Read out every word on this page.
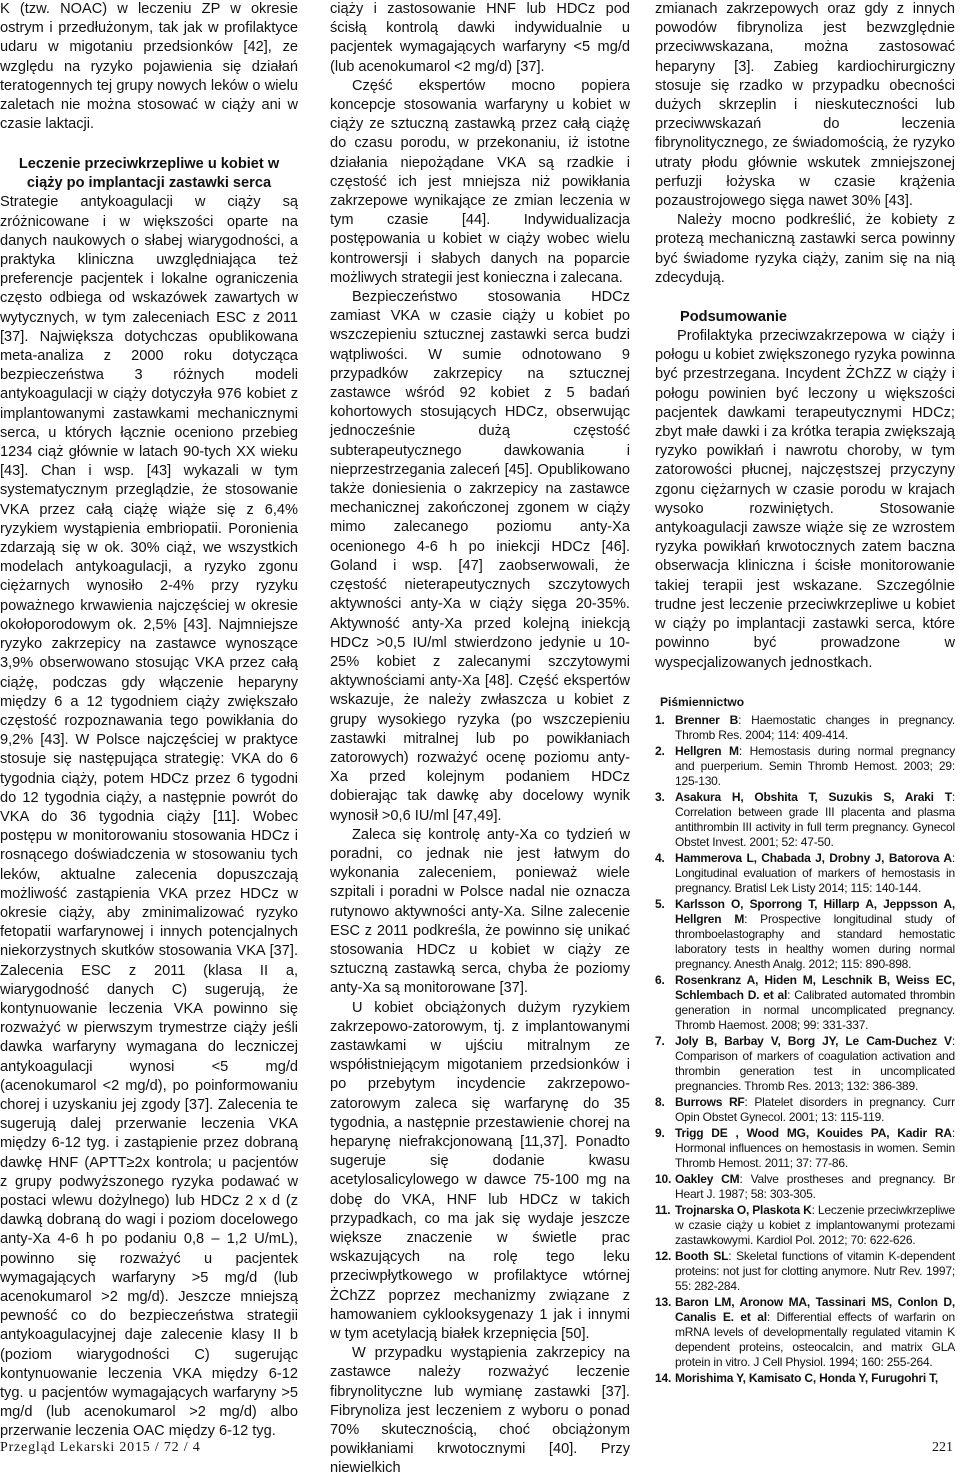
K (tzw. NOAC) w leczeniu ZP w okresie ostrym i przedłużonym, tak jak w profilaktyce udaru w migotaniu przedsionków [42], ze względu na ryzyko pojawienia się działań teratogennych tej grupy nowych leków o wielu zaletach nie można stosować w ciąży ani w czasie laktacji.

Leczenie przeciwkrzepliwe u kobiet w ciąży po implantacji zastawki serca

Strategie antykoagulacji w ciąży są zróżnicowane i w większości oparte na danych naukowych o słabej wiarygodności, a praktyka kliniczna uwzględniająca też preferencje pacjentek i lokalne ograniczenia często odbiega od wskazówek zawartych w wytycznych, w tym zaleceniach ESC z 2011 [37]. Największa dotychczas opublikowana meta-analiza z 2000 roku dotycząca bezpieczeństwa 3 różnych modeli antykoagulacji w ciąży dotyczyła 976 kobiet z implantowanymi zastawkami mechanicznymi serca, u których łącznie oceniono przebieg 1234 ciąż głównie w latach 90-tych XX wieku [43]. Chan i wsp. [43] wykazali w tym systematycznym przeglądzie, że stosowanie VKA przez całą ciążę wiąże się z 6,4% ryzykiem wystąpienia embriopatii. Poronienia zdarzają się w ok. 30% ciąż, we wszystkich modelach antykoagulacji, a ryzyko zgonu ciężarnych wynosiło 2-4% przy ryzyku poważnego krwawienia najczęściej w okresie okołoporodowym ok. 2,5% [43]. Najmniejsze ryzyko zakrzepicy na zastawce wynoszące 3,9% obserwowano stosując VKA przez całą ciążę, podczas gdy włączenie heparyny między 6 a 12 tygodniem ciąży zwiększało częstość rozpoznawania tego powikłania do 9,2% [43]. W Polsce najczęściej w praktyce stosuje się następująca strategię: VKA do 6 tygodnia ciąży, potem HDCz przez 6 tygodni do 12 tygodnia ciąży, a następnie powrót do VKA do 36 tygodnia ciąży [11]. Wobec postępu w monitorowaniu stosowania HDCz i rosnącego doświadczenia w stosowaniu tych leków, aktualne zalecenia dopuszczają możliwość zastąpienia VKA przez HDCz w okresie ciąży, aby zminimalizować ryzyko fetopatii warfarynowej i innych potencjalnych niekorzystnych skutków stosowania VKA [37]. Zalecenia ESC z 2011 (klasa II a, wiarygodność danych C) sugerują, że kontynuowanie leczenia VKA powinno się rozważyć w pierwszym trymestrze ciąży jeśli dawka warfaryny wymagana do leczniczej antykoagulacji wynosi <5 mg/d (acenokumarol <2 mg/d), po poinformowaniu chorej i uzyskaniu jej zgody [37]. Zalecenia te sugerują dalej przerwanie leczenia VKA między 6-12 tyg. i zastąpienie przez dobraną dawkę HNF (APTT≥2x kontrola; u pacjentów z grupy podwyższonego ryzyka podawać w postaci wlewu dożylnego) lub HDCz 2 x d (z dawką dobraną do wagi i poziom docelowego anty-Xa 4-6 h po podaniu 0,8 – 1,2 U/mL), powinno się rozważyć u pacjentek wymagających warfaryny >5 mg/d (lub acenokumarol >2 mg/d). Jeszcze mniejszą pewność co do bezpieczeństwa strategii antykoagulacyjnej daje zalecenie klasy II b (poziom wiarygodności C) sugerując kontynuowanie leczenia VKA między 6-12 tyg. u pacjentów wymagających warfaryny >5 mg/d (lub acenokumarol >2 mg/d) albo przerwanie leczenia OAC między 6-12 tyg.

ciąży i zastosowanie HNF lub HDCz pod ścisłą kontrolą dawki indywidualnie u pacjentek wymagających warfaryny <5 mg/d (lub acenokumarol <2 mg/d) [37].

Część ekspertów mocno popiera koncepcje stosowania warfaryny u kobiet w ciąży ze sztuczną zastawką przez całą ciążę do czasu porodu, w przekonaniu, iż istotne działania niepożądane VKA są rzadkie i częstość ich jest mniejsza niż powikłania zakrzepowe wynikające ze zmian leczenia w tym czasie [44]. Indywidualizacja postępowania u kobiet w ciąży wobec wielu kontrowersji i słabych danych na poparcie możliwych strategii jest konieczna i zalecana.

Bezpieczeństwo stosowania HDCz zamiast VKA w czasie ciąży u kobiet po wszczepieniu sztucznej zastawki serca budzi wątpliwości. W sumie odnotowano 9 przypadków zakrzepicy na sztucznej zastawce wśród 92 kobiet z 5 badań kohortowych stosujących HDCz, obserwując jednocześnie dużą częstość subterapeutycznego dawkowania i nieprzestrzegania zaleceń [45]. Opublikowano także doniesienia o zakrzepicy na zastawce mechanicznej zakończonej zgonem w ciąży mimo zalecanego poziomu anty-Xa ocenionego 4-6 h po iniekcji HDCz [46]. Goland i wsp. [47] zaobserwowali, że częstość nieterapeutycznych szczytowych aktywności anty-Xa w ciąży sięga 20-35%. Aktywność anty-Xa przed kolejną iniekcją HDCz >0,5 IU/ml stwierdzono jedynie u 10-25% kobiet z zalecanymi szczytowymi aktywnościami anty-Xa [48]. Część ekspertów wskazuje, że należy zwłaszcza u kobiet z grupy wysokiego ryzyka (po wszczepieniu zastawki mitralnej lub po powikłaniach zatorowych) rozważyć ocenę poziomu anty-Xa przed kolejnym podaniem HDCz dobierając tak dawkę aby docelowy wynik wynosił >0,6 IU/ml [47,49].

Zaleca się kontrolę anty-Xa co tydzień w poradni, co jednak nie jest łatwym do wykonania zaleceniem, ponieważ wiele szpitali i poradni w Polsce nadal nie oznacza rutynowo aktywności anty-Xa. Silne zalecenie ESC z 2011 podkreśla, że powinno się unikać stosowania HDCz u kobiet w ciąży ze sztuczną zastawką serca, chyba że poziomy anty-Xa są monitorowane [37].

U kobiet obciążonych dużym ryzykiem zakrzepowo-zatorowym, tj. z implantowanymi zastawkami w ujściu mitralnym ze współistniejącym migotaniem przedsionków i po przebytym incydencie zakrzepowo-zatorowym zaleca się warfarynę do 35 tygodnia, a następnie przestawienie chorej na heparynę niefrakcjonowaną [11,37]. Ponadto sugeruje się dodanie kwasu acetylosalicylowego w dawce 75-100 mg na dobę do VKA, HNF lub HDCz w takich przypadkach, co ma jak się wydaje jeszcze większe znaczenie w świetle prac wskazujących na rolę tego leku przeciwpłytkowego w profilaktyce wtórnej ŻChZZ poprzez mechanizmy związane z hamowaniem cyklooksygenazy 1 jak i innymi w tym acetylacją białek krzepnięcia [50].

W przypadku wystąpienia zakrzepicy na zastawce należy rozważyć leczenie fibrynolityczne lub wymianę zastawki [37]. Fibrynoliza jest leczeniem z wyboru o ponad 70% skutecznością, choć obciążonym powikłaniami krwotocznymi [40]. Przy niewielkich

zmianach zakrzepowych oraz gdy z innych powodów fibrynoliza jest bezwzględnie przeciwwskazana, można zastosować heparyny [3]. Zabieg kardiochirurgiczny stosuje się rzadko w przypadku obecności dużych skrzeplin i nieskuteczności lub przeciwwskazań do leczenia fibrynolitycznego, ze świadomością, że ryzyko utraty płodu głównie wskutek zmniejszonej perfuzji łożyska w czasie krążenia pozaustrojowego sięga nawet 30% [43].

Należy mocno podkreślić, że kobiety z protezą mechaniczną zastawki serca powinny być świadome ryzyka ciąży, zanim się na nią zdecydują.

Podsumowanie

Profilaktyka przeciwzakrzepowa w ciąży i połogu u kobiet zwiększonego ryzyka powinna być przestrzegana. Incydent ŻChZZ w ciąży i połogu powinien być leczony u większości pacjentek dawkami terapeutycznymi HDCz; zbyt małe dawki i za krótka terapia zwiększają ryzyko powikłań i nawrotu choroby, w tym zatorowości płucnej, najczęstszej przyczyny zgonu ciężarnych w czasie porodu w krajach wysoko rozwiniętych. Stosowanie antykoagulacji zawsze wiąże się ze wzrostem ryzyka powikłań krwotocznych zatem baczna obserwacja kliniczna i ścisłe monitorowanie takiej terapii jest wskazane. Szczególnie trudne jest leczenie przeciwkrzepliwe u kobiet w ciąży po implantacji zastawki serca, które powinno być prowadzone w wyspecjalizowanych jednostkach.

Piśmiennictwo
1. Brenner B: Haemostatic changes in pregnancy. Thromb Res. 2004; 114: 409-414.
2. Hellgren M: Hemostasis during normal pregnancy and puerperium. Semin Thromb Hemost. 2003; 29: 125-130.
3. Asakura H, Obshita T, Suzukis S, Araki T: Correlation between grade III placenta and plasma antithrombin III activity in full term pregnancy. Gynecol Obstet Invest. 2001; 52: 47-50.
4. Hammerova L, Chabada J, Drobny J, Batorova A: Longitudinal evaluation of markers of hemostasis in pregnancy. Bratisl Lek Listy 2014; 115: 140-144.
5. Karlsson O, Sporrong T, Hillarp A, Jeppsson A, Hellgren M: Prospective longitudinal study of thromboelastography and standard hemostatic laboratory tests in healthy women during normal pregnancy. Anesth Analg. 2012; 115: 890-898.
6. Rosenkranz A, Hiden M, Leschnik B, Weiss EC, Schlembach D. et al: Calibrated automated thrombin generation in normal uncomplicated pregnancy. Thromb Haemost. 2008; 99: 331-337.
7. Joly B, Barbay V, Borg JY, Le Cam-Duchez V: Comparison of markers of coagulation activation and thrombin generation test in uncomplicated pregnancies. Thromb Res. 2013; 132: 386-389.
8. Burrows RF: Platelet disorders in pregnancy. Curr Opin Obstet Gynecol. 2001; 13: 115-119.
9. Trigg DE , Wood MG, Kouides PA, Kadir RA: Hormonal influences on hemostasis in women. Semin Thromb Hemost. 2011; 37: 77-86.
10. Oakley CM: Valve prostheses and pregnancy. Br Heart J. 1987; 58: 303-305.
11. Trojnarska O, Plaskota K: Leczenie przeciwkrzepliwe w czasie ciąży u kobiet z implantowanymi protezami zastawkowymi. Kardiol Pol. 2012; 70: 622-626.
12. Booth SL: Skeletal functions of vitamin K-dependent proteins: not just for clotting anymore. Nutr Rev. 1997; 55: 282-284.
13. Baron LM, Aronow MA, Tassinari MS, Conlon D, Canalis E. et al: Differential effects of warfarin on mRNA levels of developmentally regulated vitamin K dependent proteins, osteocalcin, and matrix GLA protein in vitro. J Cell Physiol. 1994; 160: 255-264.
14. Morishima Y, Kamisato C, Honda Y, Furugohri T,
Przegląd Lekarski 2015 / 72 / 4	221
